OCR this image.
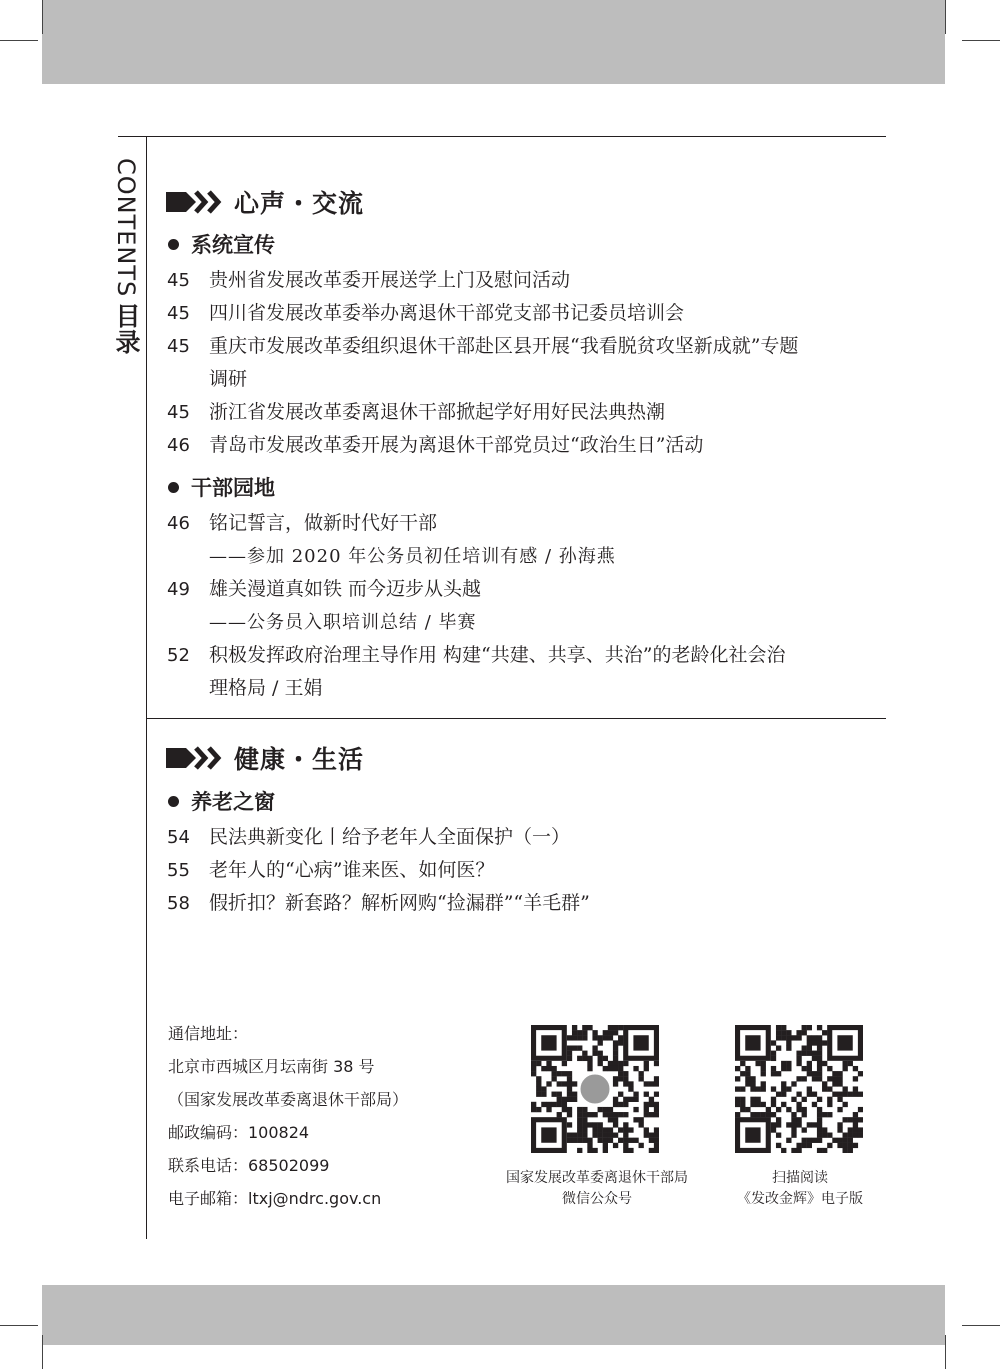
CONTENTS目录
心声・交流
系统宣传
45 贵州省发展改革委开展送学上门及慰问活动
45 四川省发展改革委举办离退休干部党支部书记委员培训会
45 重庆市发展改革委组织退休干部赴区县开展“我看脱贫攻坚新成就”专题
调研
45 浙江省发展改革委离退休干部掀起学好用好民法典热潮
46 青岛市发展改革委开展为离退休干部党员过“政治生日”活动
干部园地
46 铭记誓言，做新时代好干部
——参加 2020 年公务员初任培训有感 / 孙海燕
49 雄关漫道真如铁 而今迈步从头越
——公务员入职培训总结 / 毕赛
52 积极发挥政府治理主导作用 构建“共建、共享、共治”的老龄化社会治
理格局 / 王娟
健康・生活
养老之窗
54 民法典新变化丨给予老年人全面保护（一）
55 老年人的“心病”谁来医、如何医？
58 假折扣？新套路？解析网购“捡漏群”“羊毛群”
通信地址：
北京市西城区月坛南街 38 号
（国家发展改革委离退休干部局）
邮政编码：100824
联系电话：68502099
电子邮箱：ltxj@ndrc.gov.cn
国家发展改革委离退休干部局
微信公众号
扫描阅读
《发改金辉》电子版
